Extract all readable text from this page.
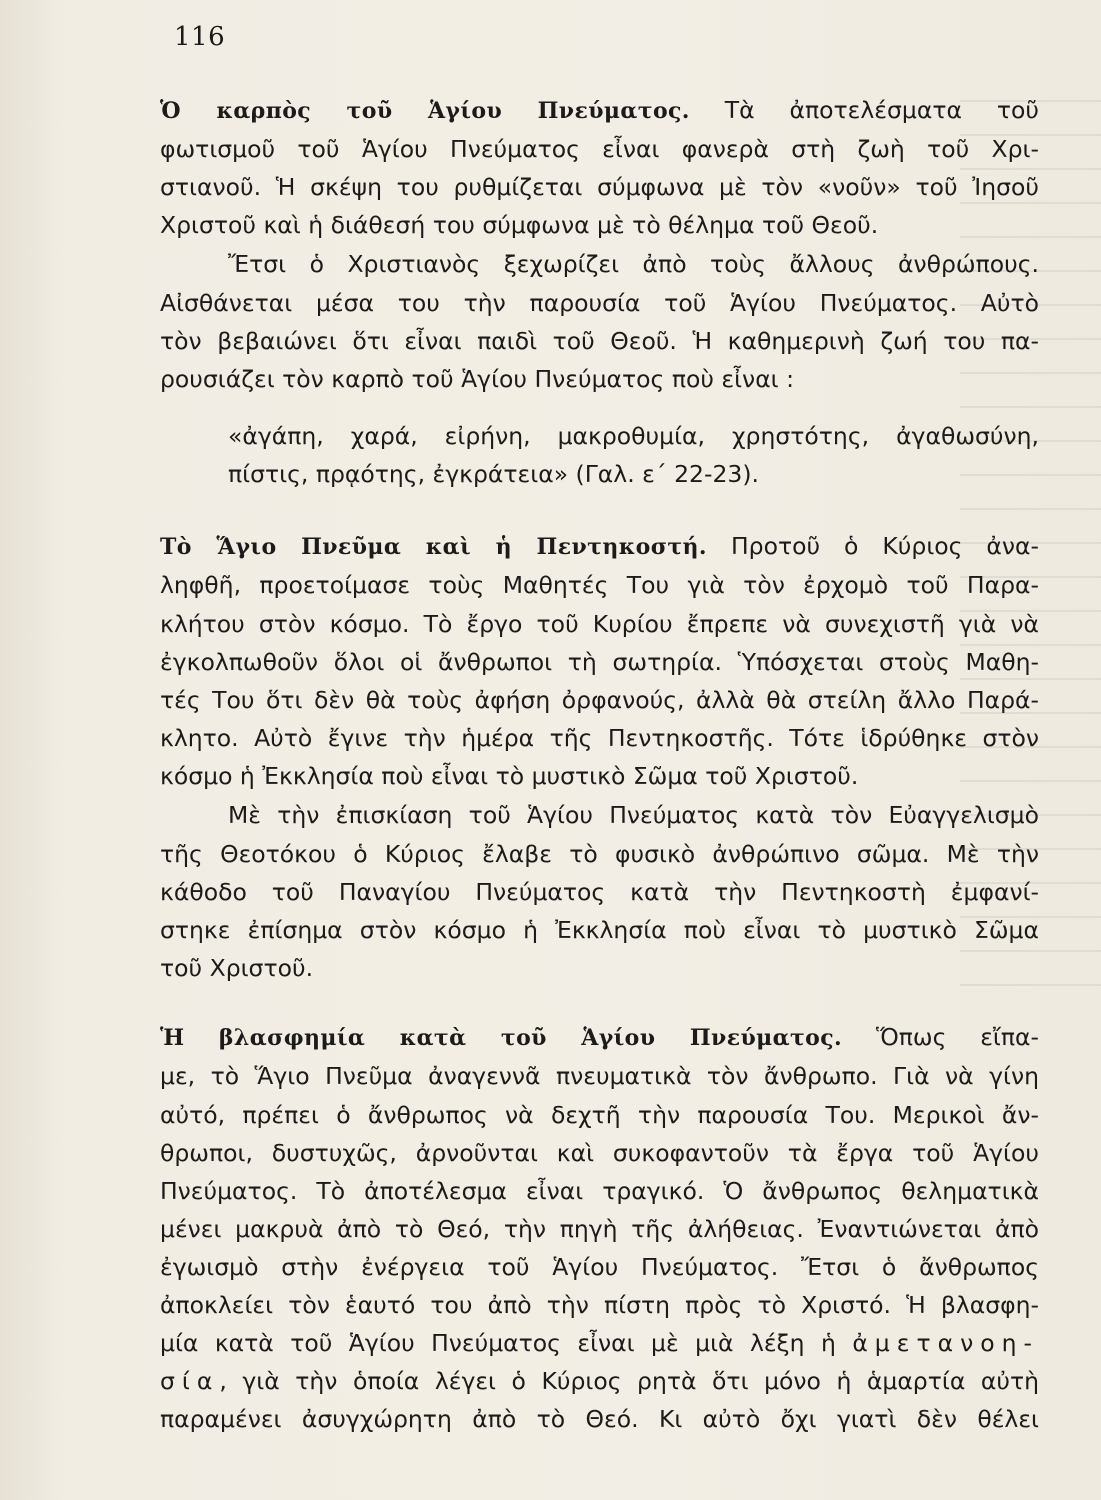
116
Ὁ καρπὸς τοῦ Ἁγίου Πνεύματος. Τὰ ἀποτελέσματα τοῦ
φωτισμοῦ τοῦ Ἁγίου Πνεύματος εἶναι φανερὰ στὴ ζωὴ τοῦ Χρι-
στιανοῦ. Ἡ σκέψη του ρυθμίζεται σύμφωνα μὲ τὸν «νοῦν» τοῦ Ἰησοῦ
Χριστοῦ καὶ ἡ διάθεσή του σύμφωνα μὲ τὸ θέλημα τοῦ Θεοῦ.
Ἔτσι ὁ Χριστιανὸς ξεχωρίζει ἀπὸ τοὺς ἄλλους ἀνθρώπους.
Αἰσθάνεται μέσα του τὴν παρουσία τοῦ Ἁγίου Πνεύματος. Αὐτὸ
τὸν βεβαιώνει ὅτι εἶναι παιδὶ τοῦ Θεοῦ. Ἡ καθημερινὴ ζωή του πα-
ρουσιάζει τὸν καρπὸ τοῦ Ἁγίου Πνεύματος ποὺ εἶναι :
«ἀγάπη, χαρά, εἰρήνη, μακροθυμία, χρηστότης, ἀγαθωσύνη,
πίστις, πρᾳότης, ἐγκράτεια» (Γαλ. ε΄ 22-23).
Τὸ Ἅγιο Πνεῦμα καὶ ἡ Πεντηκοστή. Προτοῦ ὁ Κύριος ἀνα-
ληφθῆ, προετοίμασε τοὺς Μαθητές Του γιὰ τὸν ἐρχομὸ τοῦ Παρα-
κλήτου στὸν κόσμο. Τὸ ἔργο τοῦ Κυρίου ἔπρεπε νὰ συνεχιστῆ γιὰ νὰ
ἐγκολπωθοῦν ὅλοι οἱ ἄνθρωποι τὴ σωτηρία. Ὑπόσχεται στοὺς Μαθη-
τές Του ὅτι δὲν θὰ τοὺς ἀφήση ὀρφανούς, ἀλλὰ θὰ στείλη ἄλλο Παρά-
κλητο. Αὐτὸ ἔγινε τὴν ἡμέρα τῆς Πεντηκοστῆς. Τότε ἱδρύθηκε στὸν
κόσμο ἡ Ἐκκλησία ποὺ εἶναι τὸ μυστικὸ Σῶμα τοῦ Χριστοῦ.
Μὲ τὴν ἐπισκίαση τοῦ Ἁγίου Πνεύματος κατὰ τὸν Εὐαγγελισμὸ
τῆς Θεοτόκου ὁ Κύριος ἔλαβε τὸ φυσικὸ ἀνθρώπινο σῶμα. Μὲ τὴν
κάθοδο τοῦ Παναγίου Πνεύματος κατὰ τὴν Πεντηκοστὴ ἐμφανί-
στηκε ἐπίσημα στὸν κόσμο ἡ Ἐκκλησία ποὺ εἶναι τὸ μυστικὸ Σῶμα
τοῦ Χριστοῦ.
Ἡ βλασφημία κατὰ τοῦ Ἁγίου Πνεύματος. Ὅπως εἴπα-
με, τὸ Ἅγιο Πνεῦμα ἀναγεννᾶ πνευματικὰ τὸν ἄνθρωπο. Γιὰ νὰ γίνη
αὐτό, πρέπει ὁ ἄνθρωπος νὰ δεχτῆ τὴν παρουσία Του. Μερικοὶ ἄν-
θρωποι, δυστυχῶς, ἀρνοῦνται καὶ συκοφαντοῦν τὰ ἔργα τοῦ Ἁγίου
Πνεύματος. Τὸ ἀποτέλεσμα εἶναι τραγικό. Ὁ ἄνθρωπος θεληματικὰ
μένει μακρυὰ ἀπὸ τὸ Θεό, τὴν πηγὴ τῆς ἀλήθειας. Ἐναντιώνεται ἀπὸ
ἐγωισμὸ στὴν ἐνέργεια τοῦ Ἁγίου Πνεύματος. Ἔτσι ὁ ἄνθρωπος
ἀποκλείει τὸν ἑαυτό του ἀπὸ τὴν πίστη πρὸς τὸ Χριστό. Ἡ βλασφη-
μία κατὰ τοῦ Ἁγίου Πνεύματος εἶναι μὲ μιὰ λέξη ἡ ἀμετανοη-
σία, γιὰ τὴν ὁποία λέγει ὁ Κύριος ρητὰ ὅτι μόνο ἡ ἁμαρτία αὐτὴ
παραμένει ἀσυγχώρητη ἀπὸ τὸ Θεό. Κι αὐτὸ ὄχι γιατὶ δὲν θέλει
